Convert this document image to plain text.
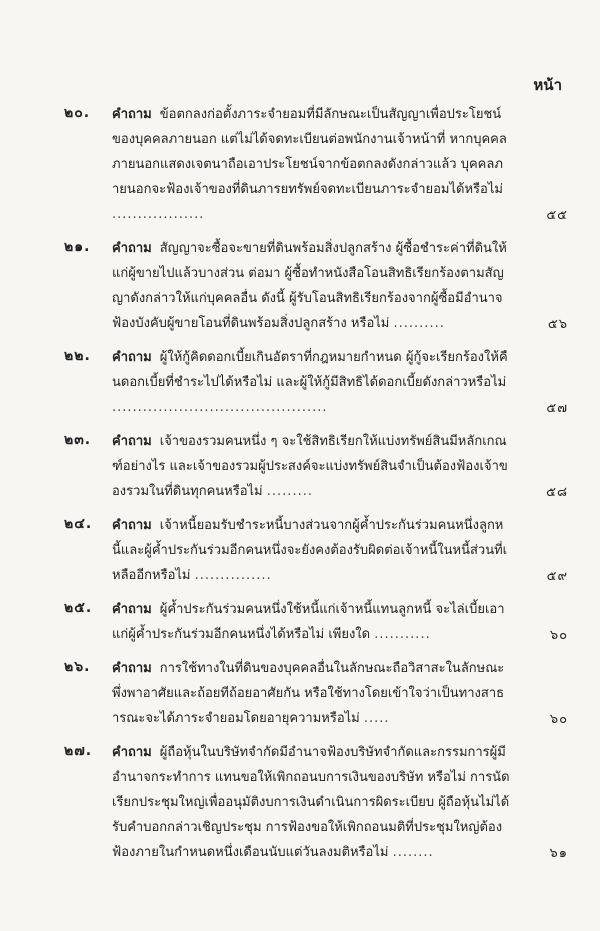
หน้า
๒๐. คำถาม ข้อตกลงก่อตั้งภาระจำยอมที่มีลักษณะเป็นสัญญาเพื่อประโยชน์ของบุคคลภายนอก แต่ไม่ได้จดทะเบียนต่อพนักงานเจ้าหน้าที่ หากบุคคลภายนอกแสดงเจตนาถือเอาประโยชน์จากข้อตกลงดังกล่าวแล้ว บุคคลภายนอกจะฟ้องเจ้าของที่ดินภารยทรัพย์จดทะเบียนภาระจำยอมได้หรือไม่ ..................	๕๕
๒๑. คำถาม สัญญาจะซื้อจะขายที่ดินพร้อมสิ่งปลูกสร้าง ผู้ซื้อชำระค่าที่ดินให้แก่ผู้ขายไปแล้วบางส่วน ต่อมา ผู้ซื้อทำหนังสือโอนสิทธิเรียกร้องตามสัญญาดังกล่าวให้แก่บุคคลอื่น ดังนี้ ผู้รับโอนสิทธิเรียกร้องจากผู้ซื้อมีอำนาจฟ้องบังคับผู้ขายโอนที่ดินพร้อมสิ่งปลูกสร้าง หรือไม่ ..........	๕๖
๒๒. คำถาม ผู้ให้กู้คิดดอกเบี้ยเกินอัตราที่กฎหมายกำหนด ผู้กู้จะเรียกร้องให้คืนดอกเบี้ยที่ชำระไปได้หรือไม่ และผู้ให้กู้มีสิทธิได้ดอกเบี้ยดังกล่าวหรือไม่ ..........................................	๕๗
๒๓. คำถาม เจ้าของรวมคนหนึ่ง ๆ จะใช้สิทธิเรียกให้แบ่งทรัพย์สินมีหลักเกณฑ์อย่างไร และเจ้าของรวมผู้ประสงค์จะแบ่งทรัพย์สินจำเป็นต้องฟ้องเจ้าของรวมในที่ดินทุกคนหรือไม่ .........	๕๘
๒๔. คำถาม เจ้าหนี้ยอมรับชำระหนี้บางส่วนจากผู้ค้ำประกันร่วมคนหนึ่งลูกหนี้และผู้ค้ำประกันร่วมอีกคนหนึ่งจะยังคงต้องรับผิดต่อเจ้าหนี้ในหนี้ส่วนที่เหลืออีกหรือไม่ ...............	๕๙
๒๕. คำถาม ผู้ค้ำประกันร่วมคนหนึ่งใช้หนี้แก่เจ้าหนี้แทนลูกหนี้ จะไล่เบี้ยเอาแก่ผู้ค้ำประกันร่วมอีกคนหนึ่งได้หรือไม่ เพียงใด ...........	๖๐
๒๖. คำถาม การใช้ทางในที่ดินของบุคคลอื่นในลักษณะถือวิสาสะในลักษณะพึ่งพาอาศัยและถ้อยทีถ้อยอาศัยกัน หรือใช้ทางโดยเข้าใจว่าเป็นทางสาธารณะจะได้ภาระจำยอมโดยอายุความหรือไม่ .....	๖๐
๒๗. คำถาม ผู้ถือหุ้นในบริษัทจำกัดมีอำนาจฟ้องบริษัทจำกัดและกรรมการผู้มีอำนาจกระทำการ แทนขอให้เพิกถอนบการเงินของบริษัท หรือไม่ การนัดเรียกประชุมใหญ่เพื่ออนุมัติงบการเงินดำเนินการผิดระเบียบ ผู้ถือหุ้นไม่ได้รับคำบอกกล่าวเชิญประชุม การฟ้องขอให้เพิกถอนมติที่ประชุมใหญ่ต้องฟ้องภายในกำหนดหนึ่งเดือนนับแต่วันลงมติหรือไม่ ........	๖๑
